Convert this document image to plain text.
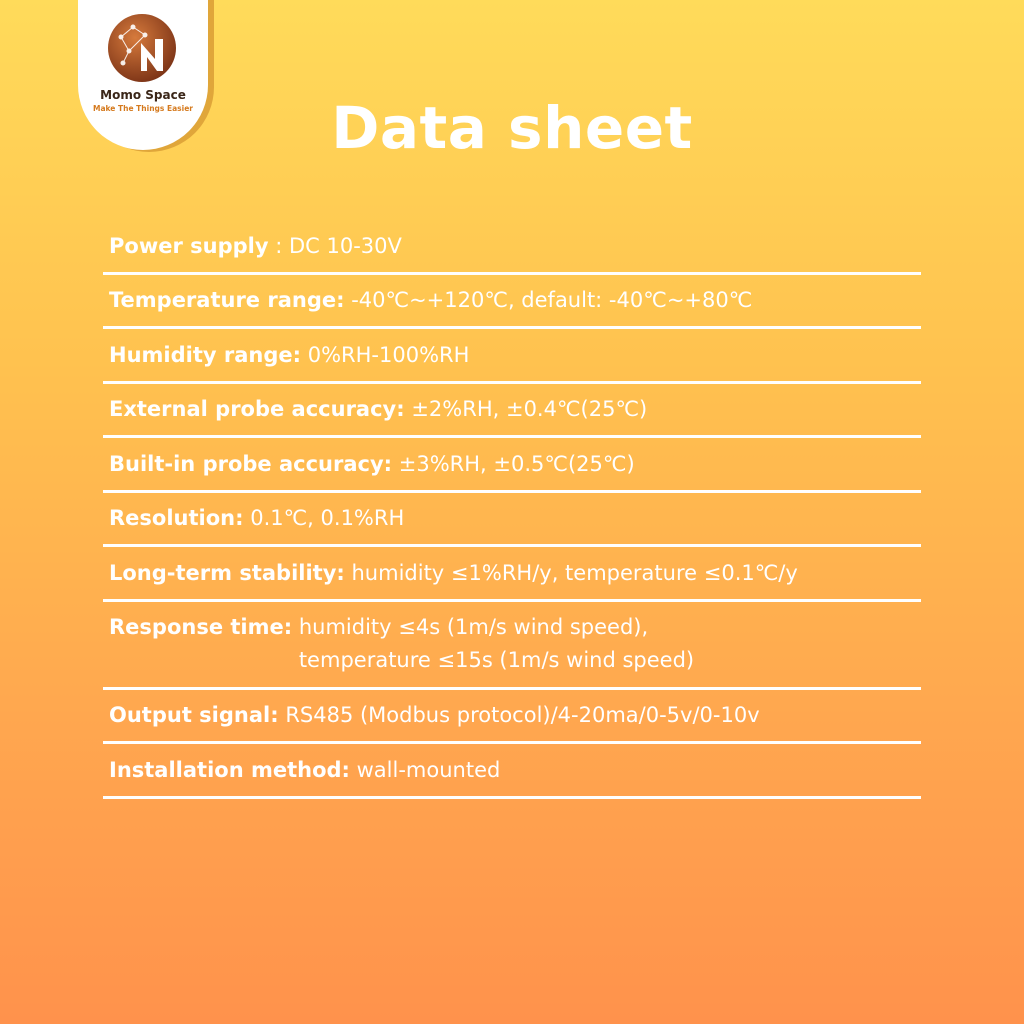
Momo Space
Make The Things Easier	Data sheet
Power supply : DC 10-30V
Temperature range:
-40℃~+120℃, default: -40℃~+80℃
Humidity range:
0%RH-100%RH
External probe accuracy:
±2%RH, ±0.4℃(25℃)
Built-in probe accuracy:
±3%RH, ±0.5℃(25℃)
Resolution:
0.1℃, 0.1%RH
Long-term stability:
humidity ≤1%RH/y, temperature ≤0.1℃/y
Response time:
humidity ≤4s (1m/s wind speed),
temperature ≤15s (1m/s wind speed)
Output signal:
RS485 (Modbus protocol)/4-20ma/0-5v/0-10v
Installation method:
wall-mounted
